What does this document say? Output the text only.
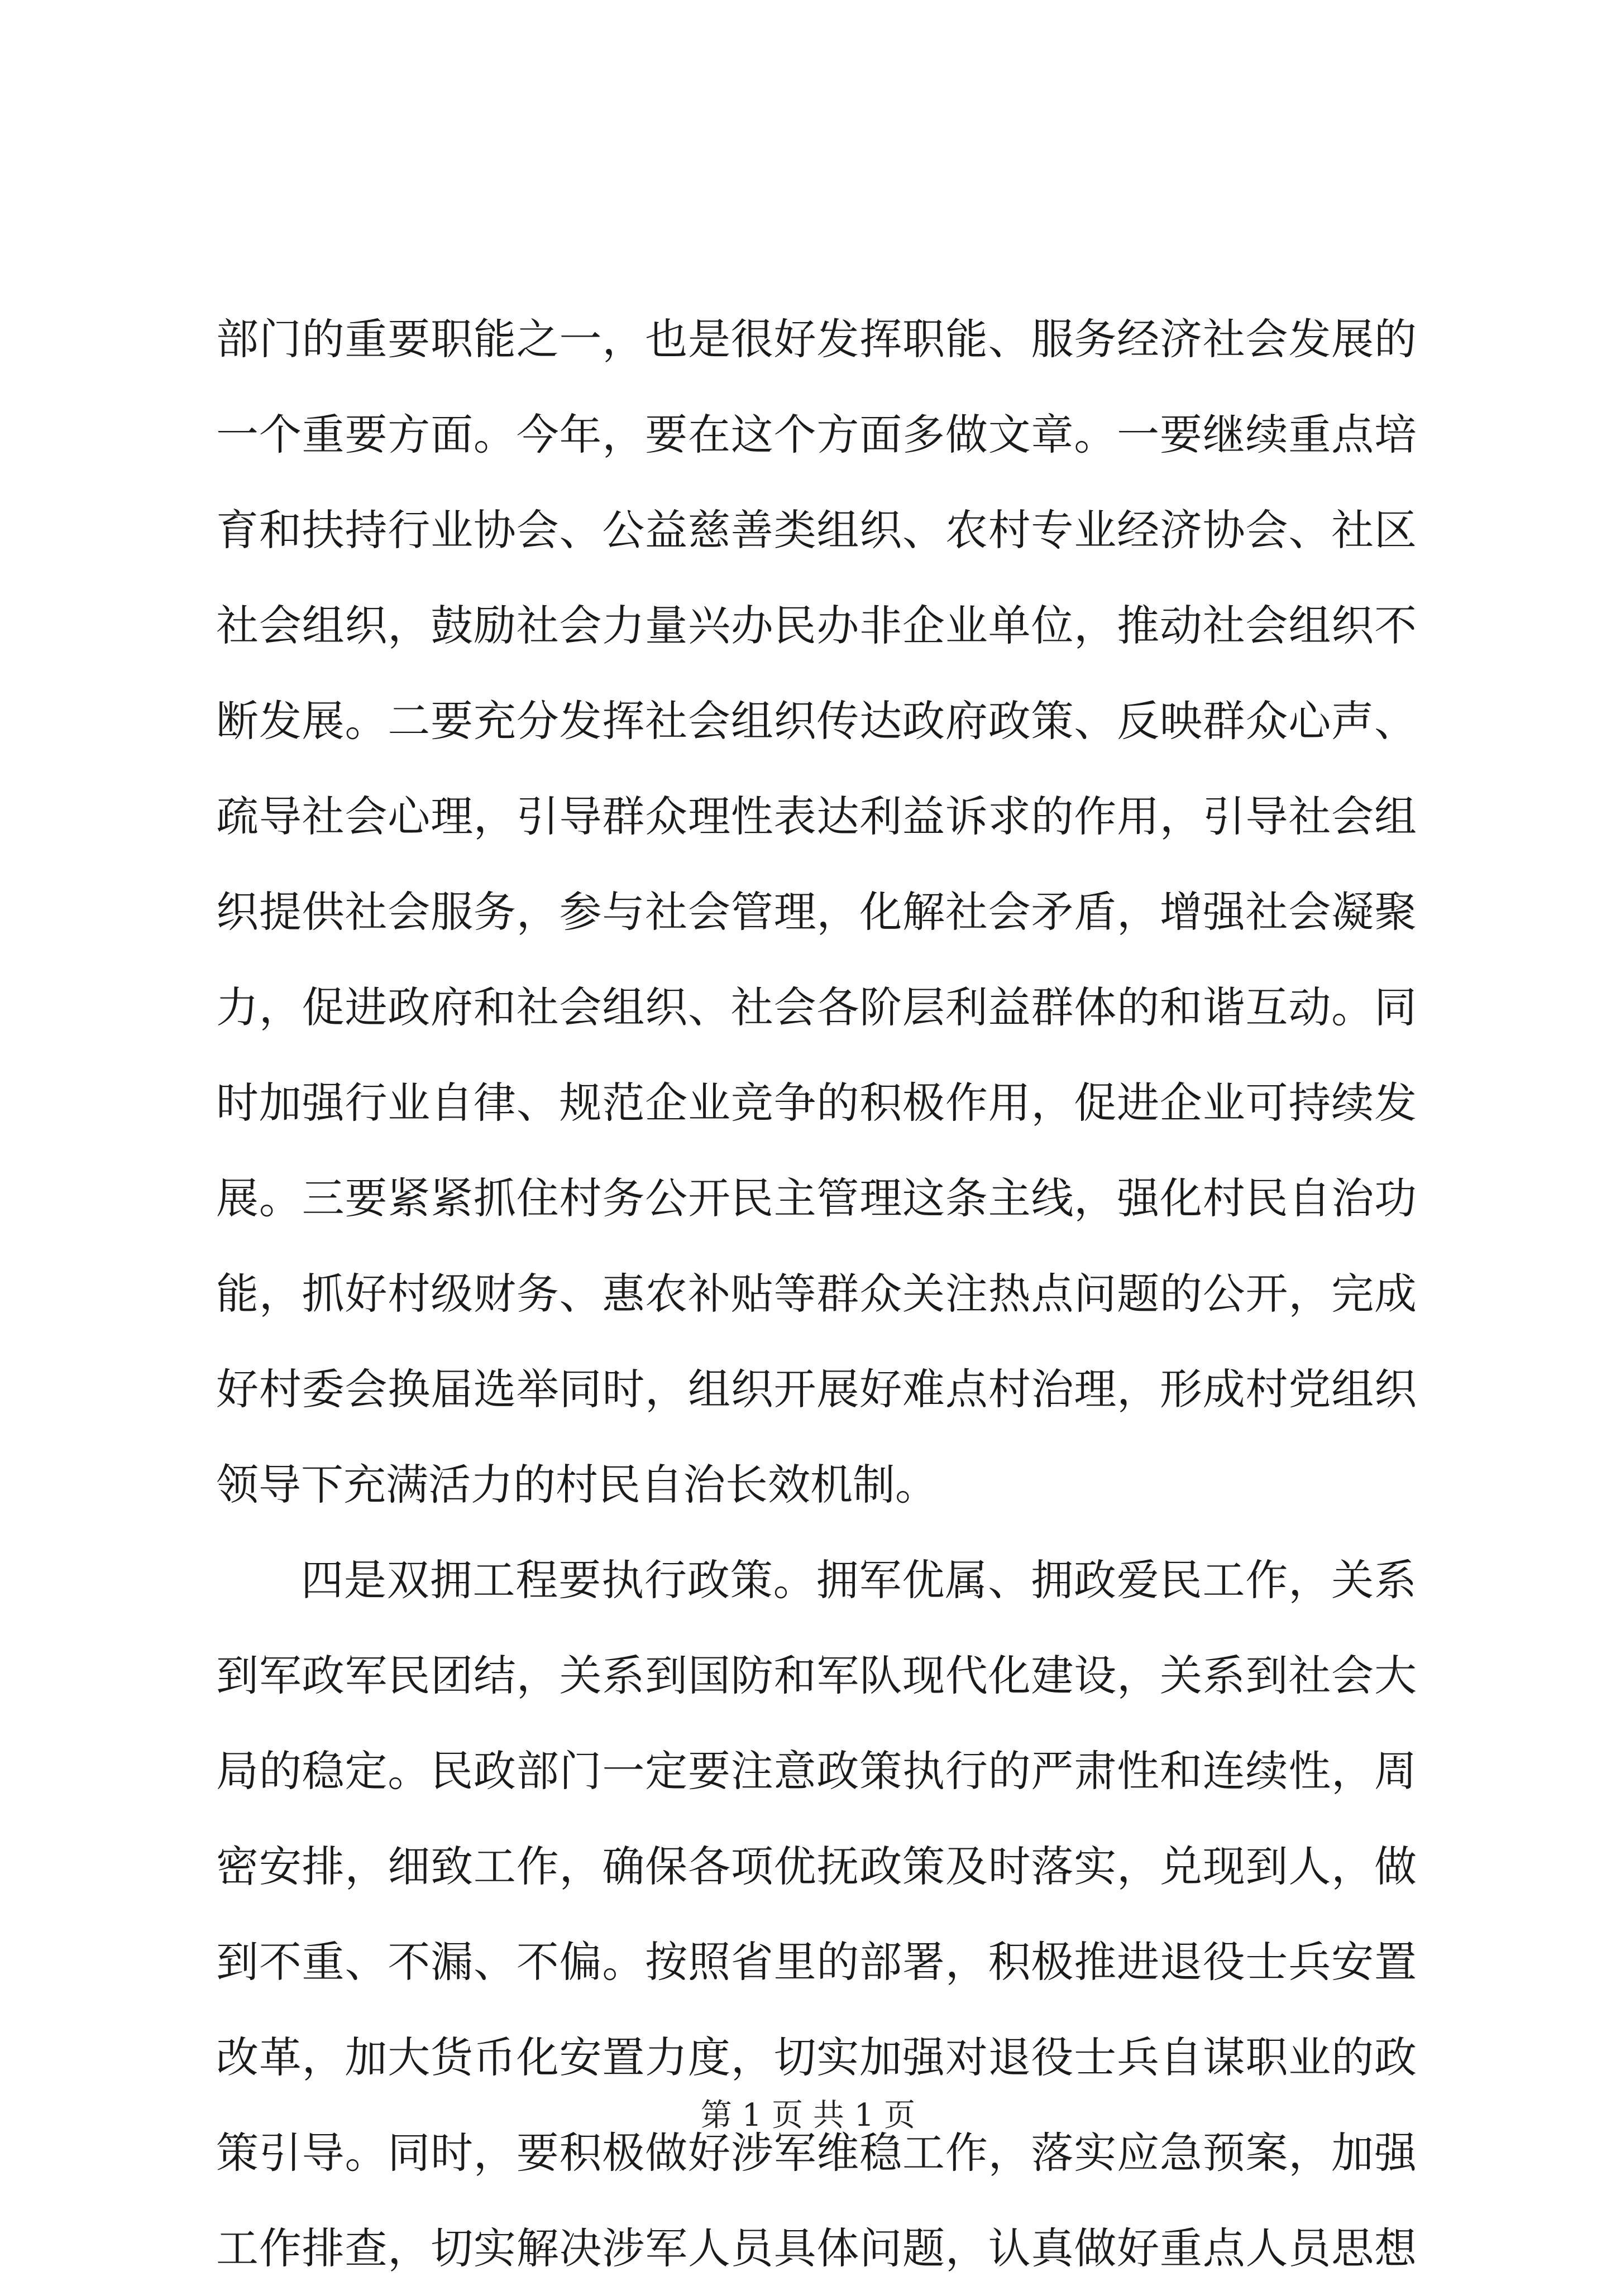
部门的重要职能之一，也是很好发挥职能、服务经济社会发展的
一个重要方面。今年，要在这个方面多做文章。一要继续重点培
育和扶持行业协会、公益慈善类组织、农村专业经济协会、社区
社会组织，鼓励社会力量兴办民办非企业单位，推动社会组织不
断发展。二要充分发挥社会组织传达政府政策、反映群众心声、
疏导社会心理，引导群众理性表达利益诉求的作用，引导社会组
织提供社会服务，参与社会管理，化解社会矛盾，增强社会凝聚
力，促进政府和社会组织、社会各阶层利益群体的和谐互动。同
时加强行业自律、规范企业竞争的积极作用，促进企业可持续发
展。三要紧紧抓住村务公开民主管理这条主线，强化村民自治功
能，抓好村级财务、惠农补贴等群众关注热点问题的公开，完成
好村委会换届选举同时，组织开展好难点村治理，形成村党组织
领导下充满活力的村民自治长效机制。
四是双拥工程要执行政策。拥军优属、拥政爱民工作，关系
到军政军民团结，关系到国防和军队现代化建设，关系到社会大
局的稳定。民政部门一定要注意政策执行的严肃性和连续性，周
密安排，细致工作，确保各项优抚政策及时落实，兑现到人，做
到不重、不漏、不偏。按照省里的部署，积极推进退役士兵安置
改革，加大货币化安置力度，切实加强对退役士兵自谋职业的政
策引导。同时，要积极做好涉军维稳工作，落实应急预案，加强
工作排查，切实解决涉军人员具体问题，认真做好重点人员思想
第 1 页 共 1 页
